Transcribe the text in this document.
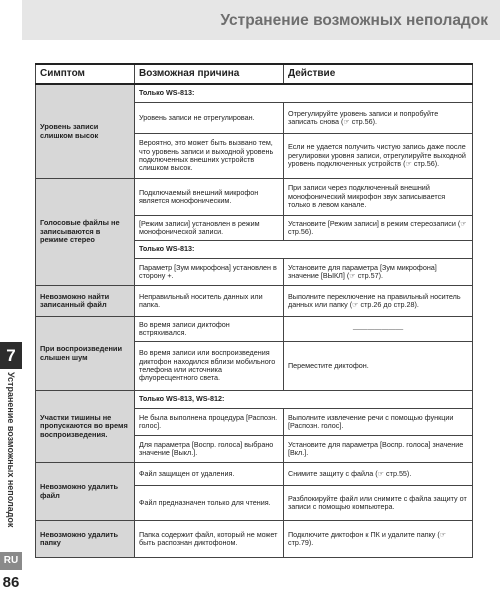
Устранение возможных неполадок
7
Устранение возможных неполадок
RU
86
Симптом	Возможная причина	Действие
Уровень записи слишком высок	Только WS-813:	
	Уровень записи не отрегулирован.	Отрегулируйте уровень записи и попробуйте записать снова (☞ стр.56).
	Вероятно, это может быть вызвано тем, что уровень записи и выходной уровень подключенных внешних устройств слишком высок.	Если не удается получить чистую запись даже после регулировки уровня записи, отрегулируйте выходной уровень подключенных устройств (☞ стр.56).
Голосовые файлы не записываются в режиме стерео	Подключаемый внешний микрофон является монофоническим.	При записи через подключенный внешний монофонический микрофон звук записывается только в левом канале.
	[Режим записи] установлен в режим монофонической записи.	Установите [Режим записи] в режим стереозаписи (☞ стр.56).
	Только WS-813:	
	Параметр [Зум микрофона] установлен в сторону +.	Установите для параметра [Зум микрофона] значение [ВЫКЛ] (☞ стр.57).
Невозможно найти записанный файл	Неправильный носитель данных или папка.	Выполните переключение на правильный носитель данных или папку (☞ стр.26 до стр.28).
При воспроизведении слышен шум	Во время записи диктофон встряхивался.	———————
	Во время записи или воспроизведения диктофон находился вблизи мобильного телефона или источника флуоресцентного света.	Переместите диктофон.
Участки тишины не пропускаются во время воспроизведения.	Только WS-813, WS-812:	
	Не была выполнена процедура [Распозн. голос].	Выполните извлечение речи с помощью функции [Распозн. голос].
	Для параметра [Воспр. голоса] выбрано значение [Выкл.].	Установите для параметра [Воспр. голоса] значение [Вкл.].
Невозможно удалить файл	Файл защищен от удаления.	Снимите защиту с файла (☞ стр.55).
	Файл предназначен только для чтения.	Разблокируйте файл или снимите с файла защиту от записи с помощью компьютера.
Невозможно удалить папку	Папка содержит файл, который не может быть распознан диктофоном.	Подключите диктофон к ПК и удалите папку (☞ стр.79).
